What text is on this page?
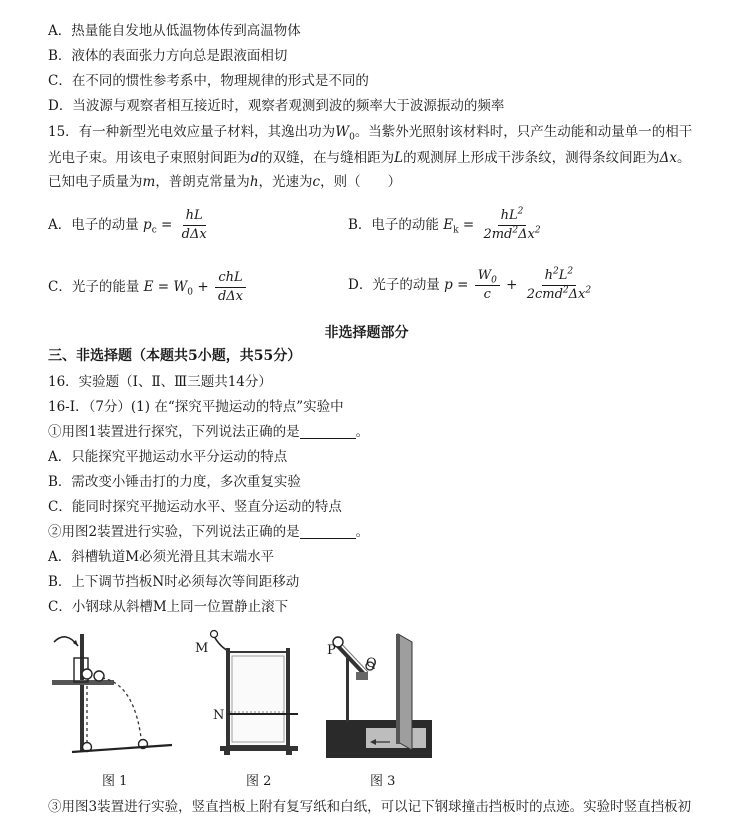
A．热量能自发地从低温物体传到高温物体
B．液体的表面张力方向总是跟液面相切
C．在不同的惯性参考系中，物理规律的形式是不同的
D．当波源与观察者相互接近时，观察者观测到波的频率大于波源振动的频率
15．有一种新型光电效应量子材料，其逸出功为$W_0$。当紫外光照射该材料时，只产生动能和动量单一的相干
光电子束。用该电子束照射间距为d的双缝，在与缝相距为L的观测屏上形成干涉条纹，测得条纹间距为Δx。
已知电子质量为m，普朗克常量为h，光速为c，则（　　）
A．电子的动量 $p_c = \frac{hL}{\text{dΔx}}$	B．电子的动能 $E_k = \frac{hL^2}{2md^2\Delta x^2}$
C．光子的能量 $E = W_0 + \frac{\text{chL}}{\text{dΔx}}$	D．光子的动量 $p = \frac{W_0}{c} + \frac{h^2L^2}{2cmd^2\Delta x^2}$
非选择题部分
三、非选择题（本题共5小题，共55分）
16．实验题（Ⅰ、Ⅱ、Ⅲ三题共14分）
16-Ⅰ．（7分）(1) 在“探究平抛运动的特点”实验中
①用图1装置进行探究，下列说法正确的是	。
A．只能探究平抛运动水平分运动的特点
B．需改变小锤击打的力度，多次重复实验
C．能同时探究平抛运动水平、竖直分运动的特点
②用图2装置进行实验，下列说法正确的是	。
A．斜槽轨道M必须光滑且其末端水平
B．上下调节挡板N时必须每次等间距移动
C．小钢球从斜槽M上同一位置静止滚下
图 1
M
N
图 2
P
Q
图 3
③用图3装置进行实验，竖直挡板上附有复写纸和白纸，可以记下钢球撞击挡板时的点迹。实验时竖直挡板初
